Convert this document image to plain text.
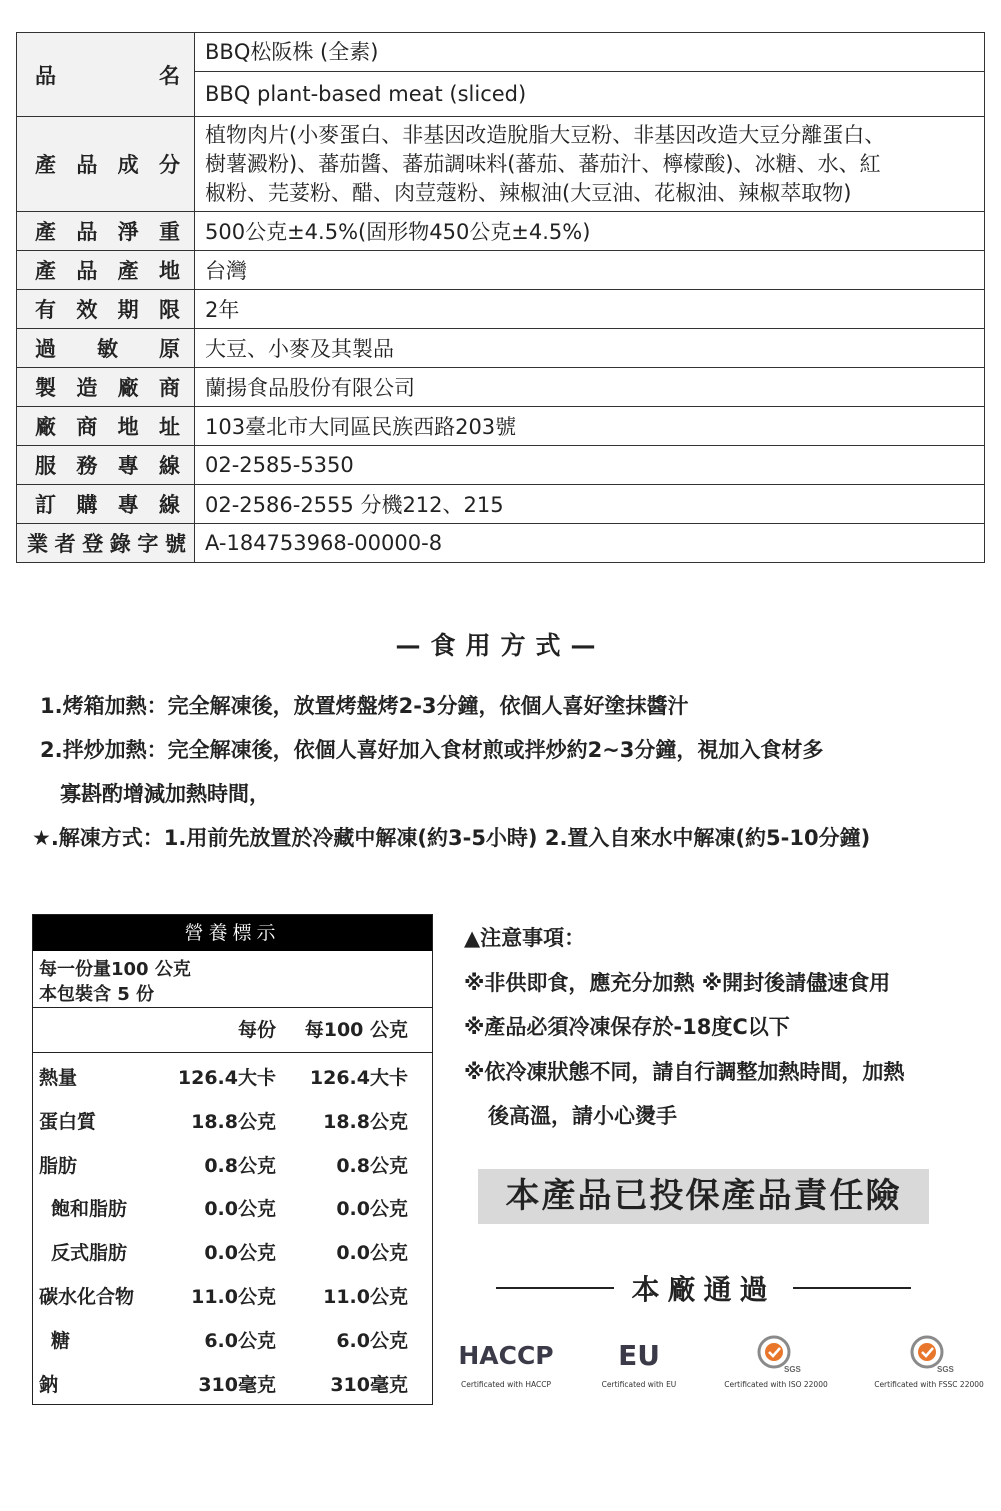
品名	BBQ松阪株 (全素)
BBQ plant-based meat (sliced)

產品成分	植物肉片(小麥蛋白、非基因改造脫脂大豆粉、非基因改造大豆分離蛋白、
樹薯澱粉)、蕃茄醬、蕃茄調味料(蕃茄、蕃茄汁、檸檬酸)、冰糖、水、紅
椒粉、芫荽粉、醋、肉荳蔻粉、辣椒油(大豆油、花椒油、辣椒萃取物)

產品淨重	500公克±4.5%(固形物450公克±4.5%)
產品產地	台灣
有效期限	2年
過敏原	大豆、小麥及其製品
製造廠商	蘭揚食品股份有限公司
廠商地址	103臺北市大同區民族西路203號
服務專線	02-2585-5350
訂購專線	02-2586-2555 分機212、215
業者登錄字號	A-184753968-00000-8
—食用方式—
1.烤箱加熱：完全解凍後，放置烤盤烤2-3分鐘，依個人喜好塗抹醬汁
2.拌炒加熱：完全解凍後，依個人喜好加入食材煎或拌炒約2~3分鐘，視加入食材多
寡斟酌增減加熱時間，
★.解凍方式：1.用前先放置於冷藏中解凍(約3-5小時) 2.置入自來水中解凍(約5-10分鐘)
營養標示
每一份量100 公克
本包裝含 5 份
每份 每100 公克
熱量	126.4大卡 126.4大卡
蛋白質	18.8公克 18.8公克
脂肪	0.8公克	0.8公克
飽和脂肪	0.0公克	0.0公克
反式脂肪	0.0公克	0.0公克
碳水化合物	11.0公克 11.0公克
糖	6.0公克	6.0公克
鈉	310毫克	310毫克
▲注意事項：
※非供即食，應充分加熱 ※開封後請儘速食用
※產品必須冷凍保存於-18度C以下
※依冷凍狀態不同，請自行調整加熱時間，加熱
後高溫，請小心燙手
本產品已投保產品責任險
本廠通過
HACCP
Certificated with HACCP
EU
Certificated with EU
SGS
Certificated with ISO 22000
SGS
Certificated with FSSC 22000
